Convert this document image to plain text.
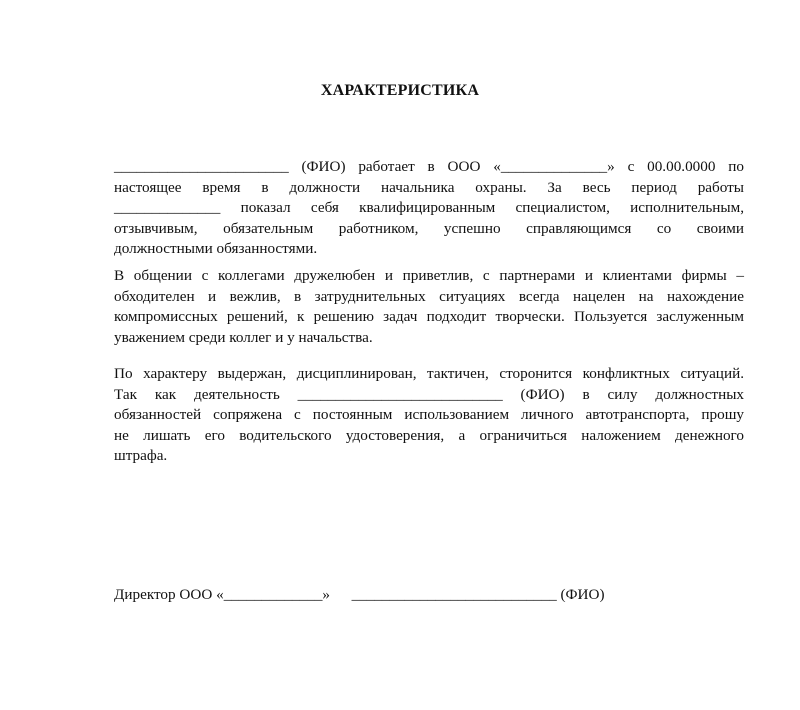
ХАРАКТЕРИСТИКА

_______________________ (ФИО) работает в ООО «______________» с 00.00.0000 по
настоящее время в должности начальника охраны. За весь период работы
______________ показал себя квалифицированным специалистом, исполнительным,
отзывчивым, обязательным работником, успешно справляющимся со своими
должностными обязанностями.

В общении с коллегами дружелюбен и приветлив, с партнерами и клиентами фирмы –
обходителен и вежлив, в затруднительных ситуациях всегда нацелен на нахождение
компромиссных решений, к решению задач подходит творчески. Пользуется заслуженным
уважением среди коллег и у начальства.

По характеру выдержан, дисциплинирован, тактичен, сторонится конфликтных ситуаций.
Так как деятельность ___________________________ (ФИО) в силу должностных
обязанностей сопряжена с постоянным использованием личного автотранспорта, прошу
не лишать его водительского удостоверения, а ограничиться наложением денежного
штрафа.

Директор ООО «_____________» ___________________________ (ФИО)
